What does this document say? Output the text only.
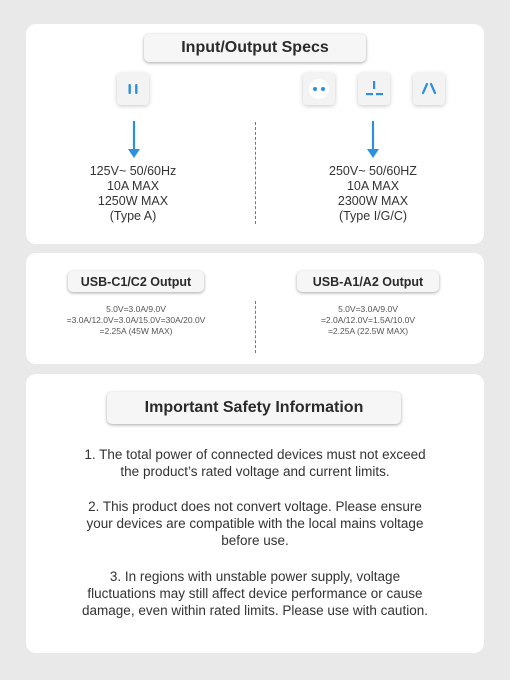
Input/Output Specs
125V~ 50/60Hz
10A MAX
1250W MAX
(Type A)
250V~ 50/60HZ
10A MAX
2300W MAX
(Type I/G/C)
USB-C1/C2 Output	USB-A1/A2 Output
5.0V=3.0A/9.0V
=3.0A/12.0V=3.0A/15.0V=30A/20.0V
=2.25A (45W MAX)
5.0V=3.0A/9.0V
=2.0A/12.0V=1.5A/10.0V
=2.25A (22.5W MAX)
Important Safety Information
1. The total power of connected devices must not exceed
the product’s rated voltage and current limits.
2. This product does not convert voltage. Please ensure
your devices are compatible with the local mains voltage
before use.
3. In regions with unstable power supply, voltage
fluctuations may still affect device performance or cause
damage, even within rated limits. Please use with caution.
